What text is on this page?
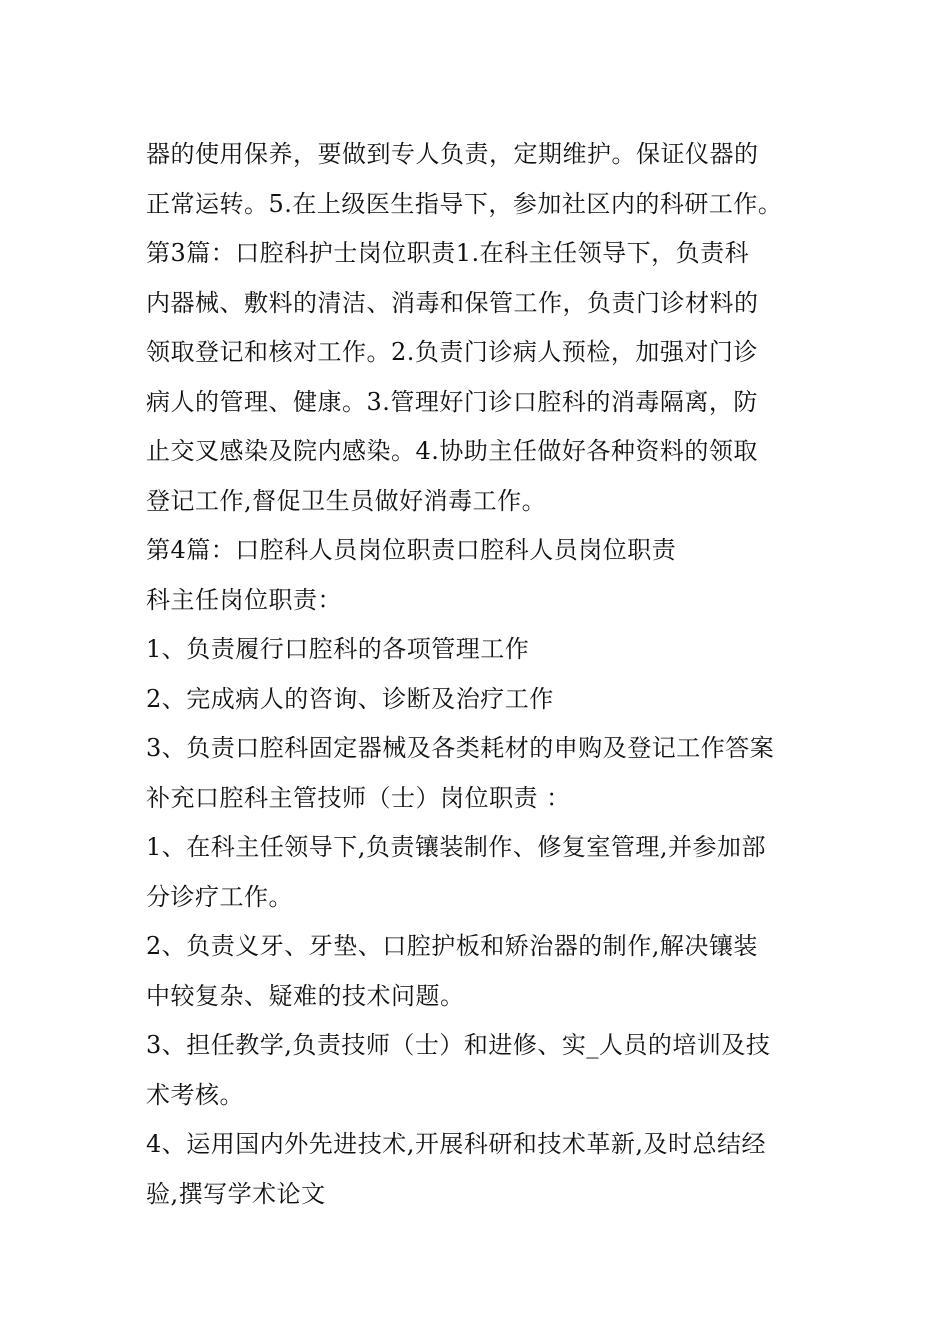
器的使用保养，要做到专人负责，定期维护。保证仪器的
正常运转。5.在上级医生指导下，参加社区内的科研工作。
第3篇：口腔科护士岗位职责1.在科主任领导下，负责科
内器械、敷料的清洁、消毒和保管工作，负责门诊材料的
领取登记和核对工作。2.负责门诊病人预检，加强对门诊
病人的管理、健康。3.管理好门诊口腔科的消毒隔离，防
止交叉感染及院内感染。4.协助主任做好各种资料的领取
登记工作,督促卫生员做好消毒工作。
第4篇：口腔科人员岗位职责口腔科人员岗位职责
科主任岗位职责：
1、负责履行口腔科的各项管理工作
2、完成病人的咨询、诊断及治疗工作
3、负责口腔科固定器械及各类耗材的申购及登记工作答案
补充口腔科主管技师（士）岗位职责 ：
1、在科主任领导下,负责镶装制作、修复室管理,并参加部
分诊疗工作。
2、负责义牙、牙垫、口腔护板和矫治器的制作,解决镶装
中较复杂、疑难的技术问题。
3、担任教学,负责技师（士）和进修、实_人员的培训及技
术考核。
4、运用国内外先进技术,开展科研和技术革新,及时总结经
验,撰写学术论文
